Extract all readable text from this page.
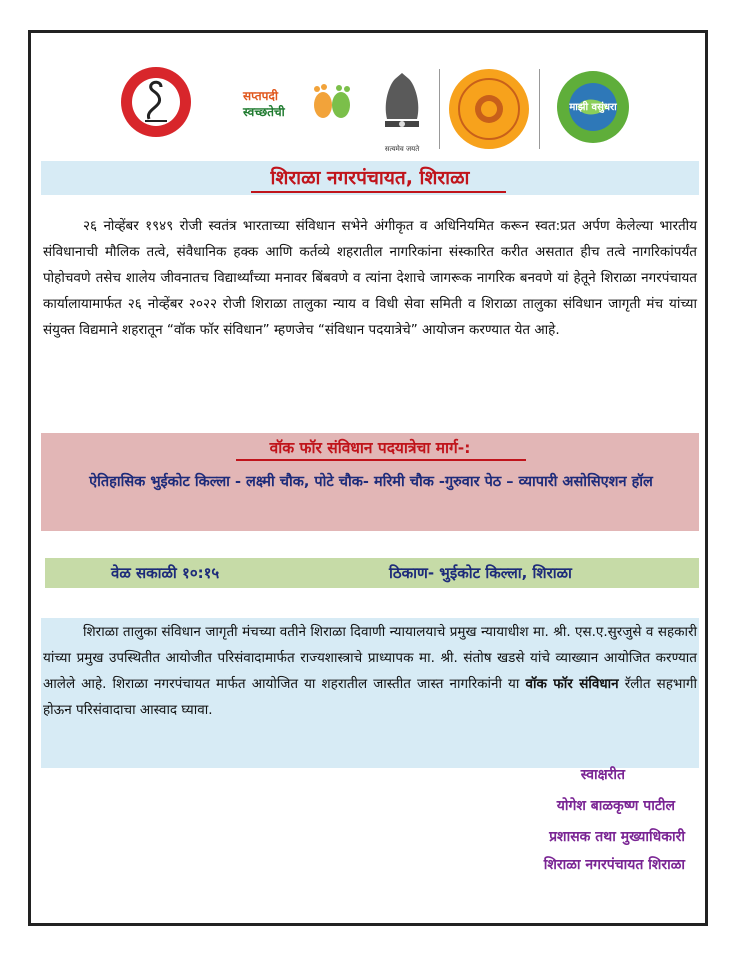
सप्तपदी
स्वच्छतेची
सत्यमेव जयते
माझी वसुंधरा
शिराळा नगरपंचायत, शिराळा
२६ नोव्हेंबर १९४९ रोजी स्वतंत्र भारताच्या संविधान सभेने अंगीकृत व अधिनियमित करून स्वत:प्रत अर्पण केलेल्या भारतीय संविधानाची मौलिक तत्वे, संवैधानिक हक्क आणि कर्तव्ये शहरातील नागरिकांना संस्कारित करीत असतात हीच तत्वे नागरिकांपर्यंत पोहोचवणे तसेच शालेय जीवनातच विद्यार्थ्यांच्या मनावर बिंबवणे व त्यांना देशाचे जागरूक नागरिक बनवणे यां हेतूने शिराळा नगरपंचायत कार्यालायामार्फत २६ नोव्हेंबर २०२२ रोजी शिराळा तालुका न्याय व विधी सेवा समिती व शिराळा तालुका संविधान जागृती मंच यांच्या संयुक्त विद्यमाने शहरातून “वॉक फॉर संविधान” म्हणजेच “संविधान पदयात्रेचे” आयोजन करण्यात येत आहे.
वॉक फॉर संविधान पदयात्रेचा मार्ग-:
ऐतिहासिक भुईकोट किल्ला - लक्ष्मी चौक, पोटे चौक- मरिमी चौक -गुरुवार पेठ – व्यापारी असोसिएशन हॉल
वेळ सकाळी १०:१५	ठिकाण- भुईकोट किल्ला, शिराळा
शिराळा तालुका संविधान जागृती मंचच्या वतीने शिराळा दिवाणी न्यायालयाचे प्रमुख न्यायाधीश मा. श्री. एस.ए.सुरजुसे व सहकारी यांच्या प्रमुख उपस्थितीत आयोजीत परिसंवादामार्फत राज्यशास्त्राचे प्राध्यापक मा. श्री. संतोष खडसे यांचे व्याख्यान आयोजित करण्यात आलेले आहे. शिराळा नगरपंचायत मार्फत आयोजित या शहरातील जास्तीत जास्त नागरिकांनी या वॉक फॉर संविधान रॅलीत सहभागी होऊन परिसंवादाचा आस्वाद घ्यावा.
स्वाक्षरीत
योगेश बाळकृष्ण पाटील
प्रशासक तथा मुख्याधिकारी
शिराळा नगरपंचायत शिराळा
